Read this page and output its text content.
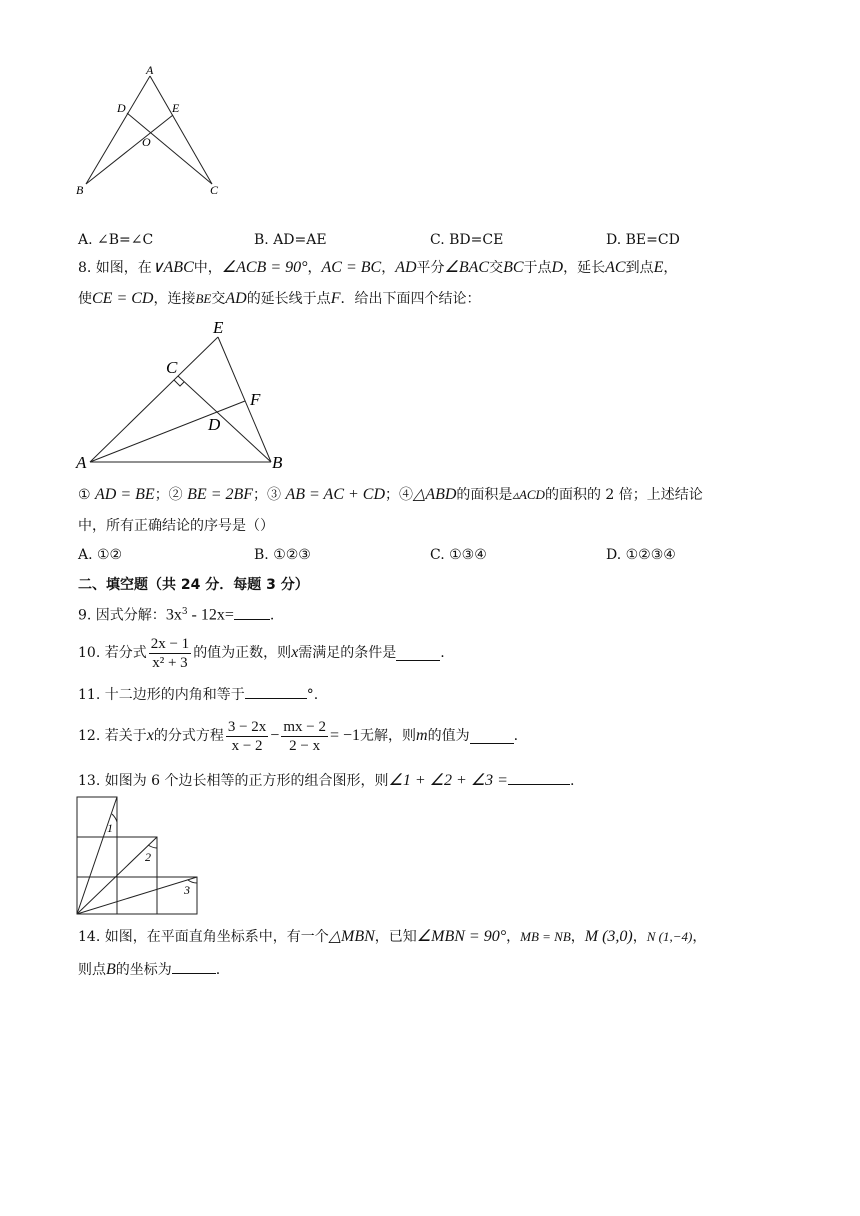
A
D	E
O
B	C
A. ∠B=∠C	B. AD=AE	C. BD=CE	D. BE=CD
8. 如图，在∨ABC中，∠ACB = 90°，AC = BC，AD平分∠BAC交BC于点D，延长AC到点E，
使CE = CD，连接BE交AD的延长线于点F．给出下面四个结论：
E
C
F
D
A	B
① AD = BE；② BE = 2BF；③ AB = AC + CD；④△ABD的面积是▵ACD的面积的 2 倍；上述结论
中，所有正确结论的序号是（）
A. ①②	B. ①②③	C. ①③④	D. ①②③④
二、填空题（共 24 分．每题 3 分）
9. 因式分解：$3x^3 - 12x=$	.
10. 若分式 $\frac{2x - 1}{\text{x² + 3}}$ 的值为正数，则 x 需满足的条件是	.
11. 十二边形的内角和等于	°.
12. 若关于 x 的分式方程 $\frac{3 - 2x}{x - 2} - \frac{mx - 2}{2 - x} = -1$ 无解，则 m 的值为	.
13. 如图为 6 个边长相等的正方形的组合图形，则∠1 + ∠2 + ∠3 =	.
1
2
3
14. 如图，在平面直角坐标系中，有一个△MBN，已知∠MBN = 90°，MB = NB，M (3,0)，N (1,−4)，
则点B的坐标为	.
